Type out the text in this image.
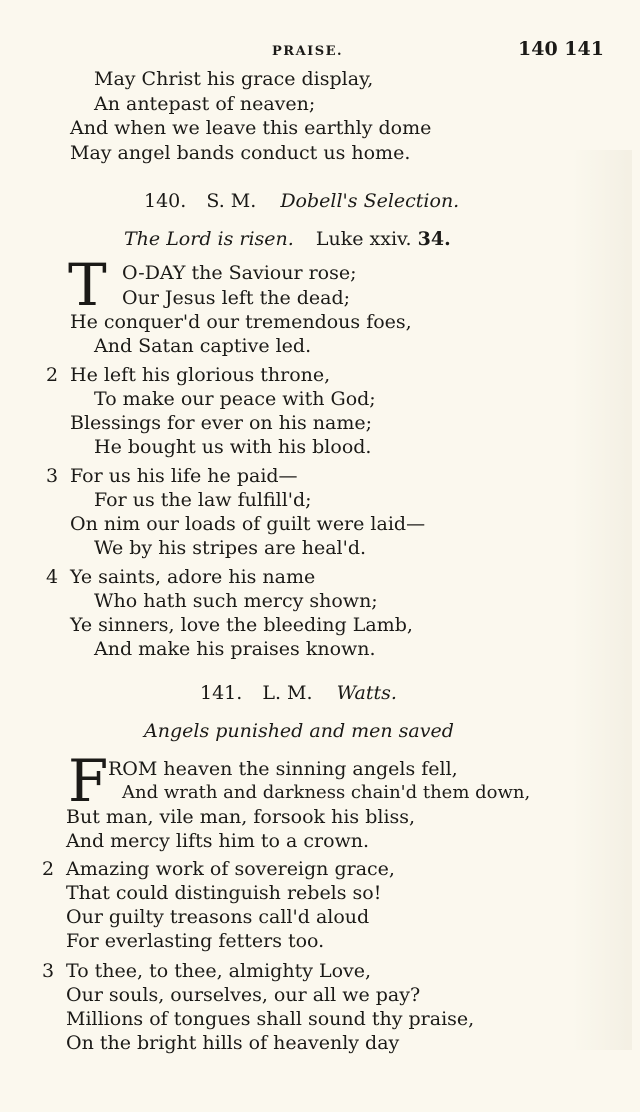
PRAISE.	140 141
May Christ his grace display,
An antepast of neaven;
And when we leave this earthly dome
May angel bands conduct us home.
140. S. M. Dobell's Selection.
The Lord is risen. Luke xxiv. 34.
T O-DAY the Saviour rose;
Our Jesus left the dead;
He conquer'd our tremendous foes,
And Satan captive led.
2 He left his glorious throne,
To make our peace with God;
Blessings for ever on his name;
He bought us with his blood.
3 For us his life he paid—
For us the law fulfill'd;
On nim our loads of guilt were laid—
We by his stripes are heal'd.
4 Ye saints, adore his name
Who hath such mercy shown;
Ye sinners, love the bleeding Lamb,
And make his praises known.
141. L. M. Watts.
Angels punished and men saved
F ROM heaven the sinning angels fell,
And wrath and darkness chain'd them down,
But man, vile man, forsook his bliss,
And mercy lifts him to a crown.
2 Amazing work of sovereign grace,
That could distinguish rebels so!
Our guilty treasons call'd aloud
For everlasting fetters too.
3 To thee, to thee, almighty Love,
Our souls, ourselves, our all we pay?
Millions of tongues shall sound thy praise,
On the bright hills of heavenly day
